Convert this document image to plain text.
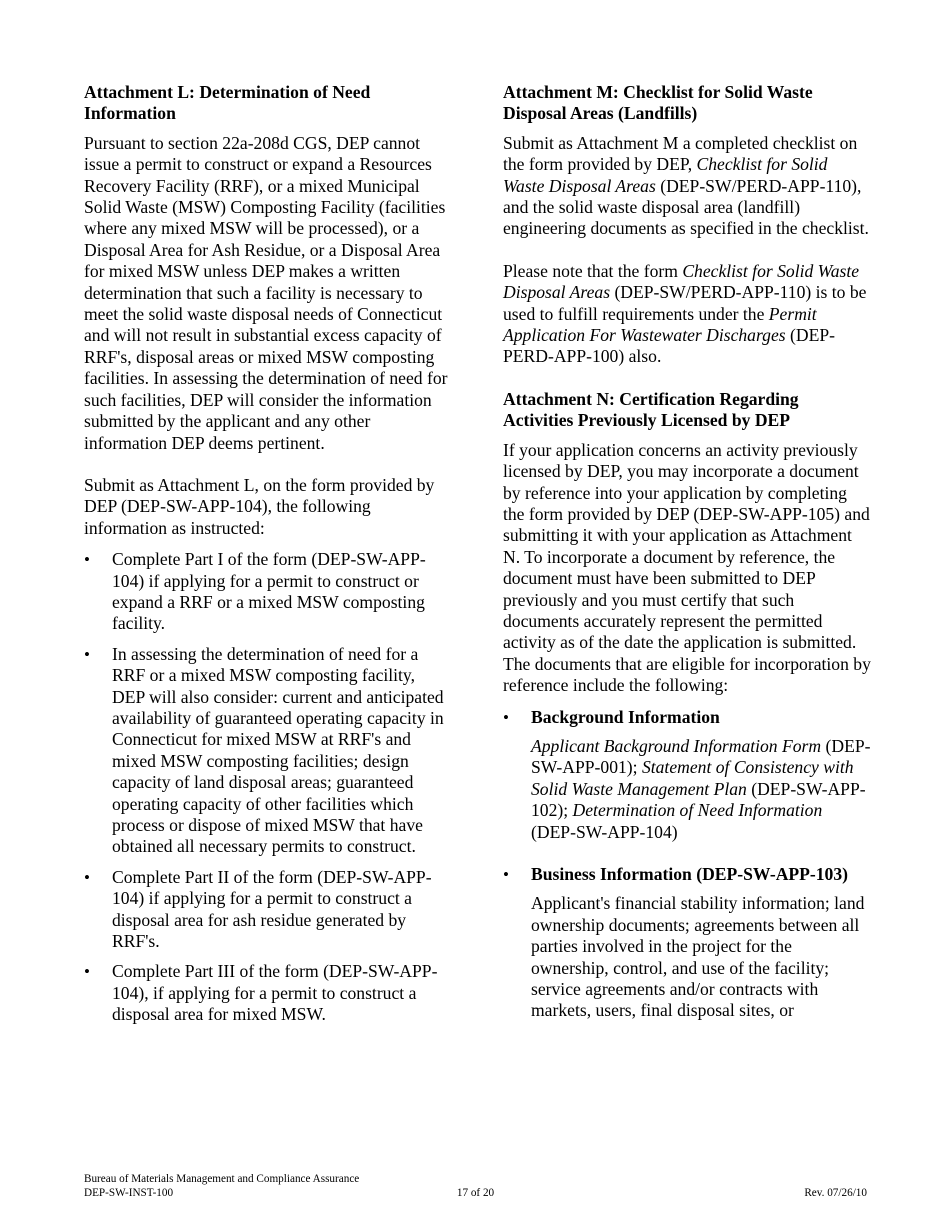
Attachment L: Determination of Need Information

Pursuant to section 22a-208d CGS, DEP cannot issue a permit to construct or expand a Resources Recovery Facility (RRF), or a mixed Municipal Solid Waste (MSW) Composting Facility (facilities where any mixed MSW will be processed), or a Disposal Area for Ash Residue, or a Disposal Area for mixed MSW unless DEP makes a written determination that such a facility is necessary to meet the solid waste disposal needs of Connecticut and will not result in substantial excess capacity of RRF's, disposal areas or mixed MSW composting facilities. In assessing the determination of need for such facilities, DEP will consider the information submitted by the applicant and any other information DEP deems pertinent.

Submit as Attachment L, on the form provided by DEP (DEP-SW-APP-104), the following information as instructed:

• Complete Part I of the form (DEP-SW-APP-104) if applying for a permit to construct or expand a RRF or a mixed MSW composting facility.
• In assessing the determination of need for a RRF or a mixed MSW composting facility, DEP will also consider: current and anticipated availability of guaranteed operating capacity in Connecticut for mixed MSW at RRF's and mixed MSW composting facilities; design capacity of land disposal areas; guaranteed operating capacity of other facilities which process or dispose of mixed MSW that have obtained all necessary permits to construct.
• Complete Part II of the form (DEP-SW-APP-104) if applying for a permit to construct a disposal area for ash residue generated by RRF's.
• Complete Part III of the form (DEP-SW-APP-104), if applying for a permit to construct a disposal area for mixed MSW.
Attachment M: Checklist for Solid Waste Disposal Areas (Landfills)

Submit as Attachment M a completed checklist on the form provided by DEP, Checklist for Solid Waste Disposal Areas (DEP-SW/PERD-APP-110), and the solid waste disposal area (landfill) engineering documents as specified in the checklist.

Please note that the form Checklist for Solid Waste Disposal Areas (DEP-SW/PERD-APP-110) is to be used to fulfill requirements under the Permit Application For Wastewater Discharges (DEP-PERD-APP-100) also.

Attachment N: Certification Regarding Activities Previously Licensed by DEP

If your application concerns an activity previously licensed by DEP, you may incorporate a document by reference into your application by completing the form provided by DEP (DEP-SW-APP-105) and submitting it with your application as Attachment N. To incorporate a document by reference, the document must have been submitted to DEP previously and you must certify that such documents accurately represent the permitted activity as of the date the application is submitted. The documents that are eligible for incorporation by reference include the following:

• Background Information

Applicant Background Information Form (DEP-SW-APP-001); Statement of Consistency with Solid Waste Management Plan (DEP-SW-APP-102); Determination of Need Information (DEP-SW-APP-104)

• Business Information (DEP-SW-APP-103)

Applicant's financial stability information; land ownership documents; agreements between all parties involved in the project for the ownership, control, and use of the facility; service agreements and/or contracts with markets, users, final disposal sites, or

Bureau of Materials Management and Compliance Assurance
DEP-SW-INST-100	17 of 20	Rev. 07/26/10
